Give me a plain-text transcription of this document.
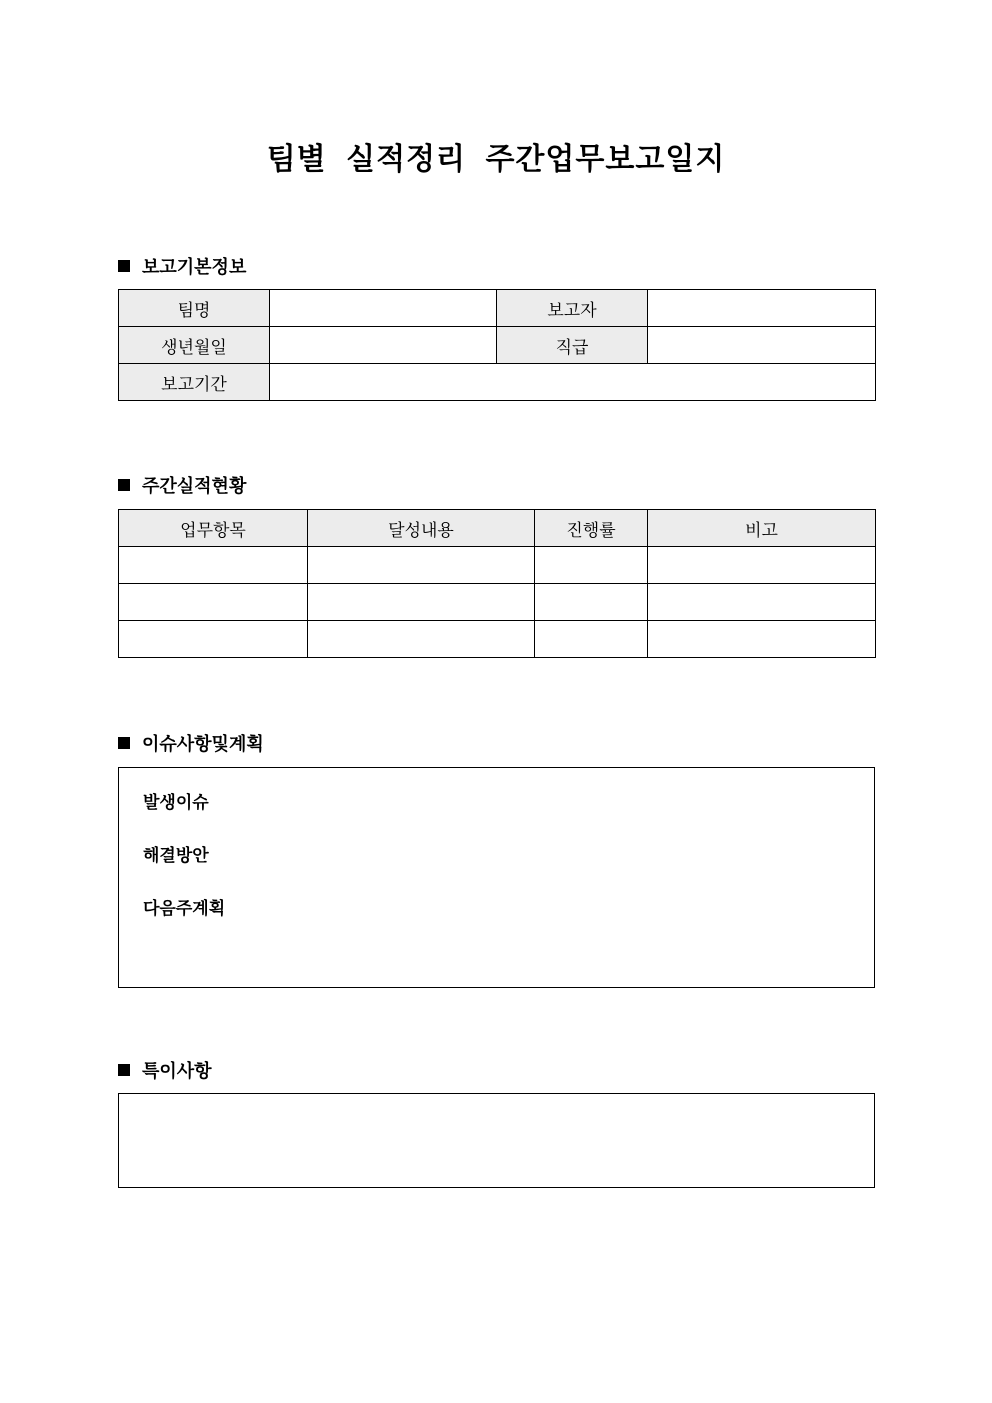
팀별 실적정리 주간업무보고일지
보고기본정보
팀명		보고자	
생년월일		직급	
보고기간			
주간실적현황
업무항목	달성내용	진행률	비고

이슈사항및계획
발생이슈
해결방안
다음주계획
특이사항
